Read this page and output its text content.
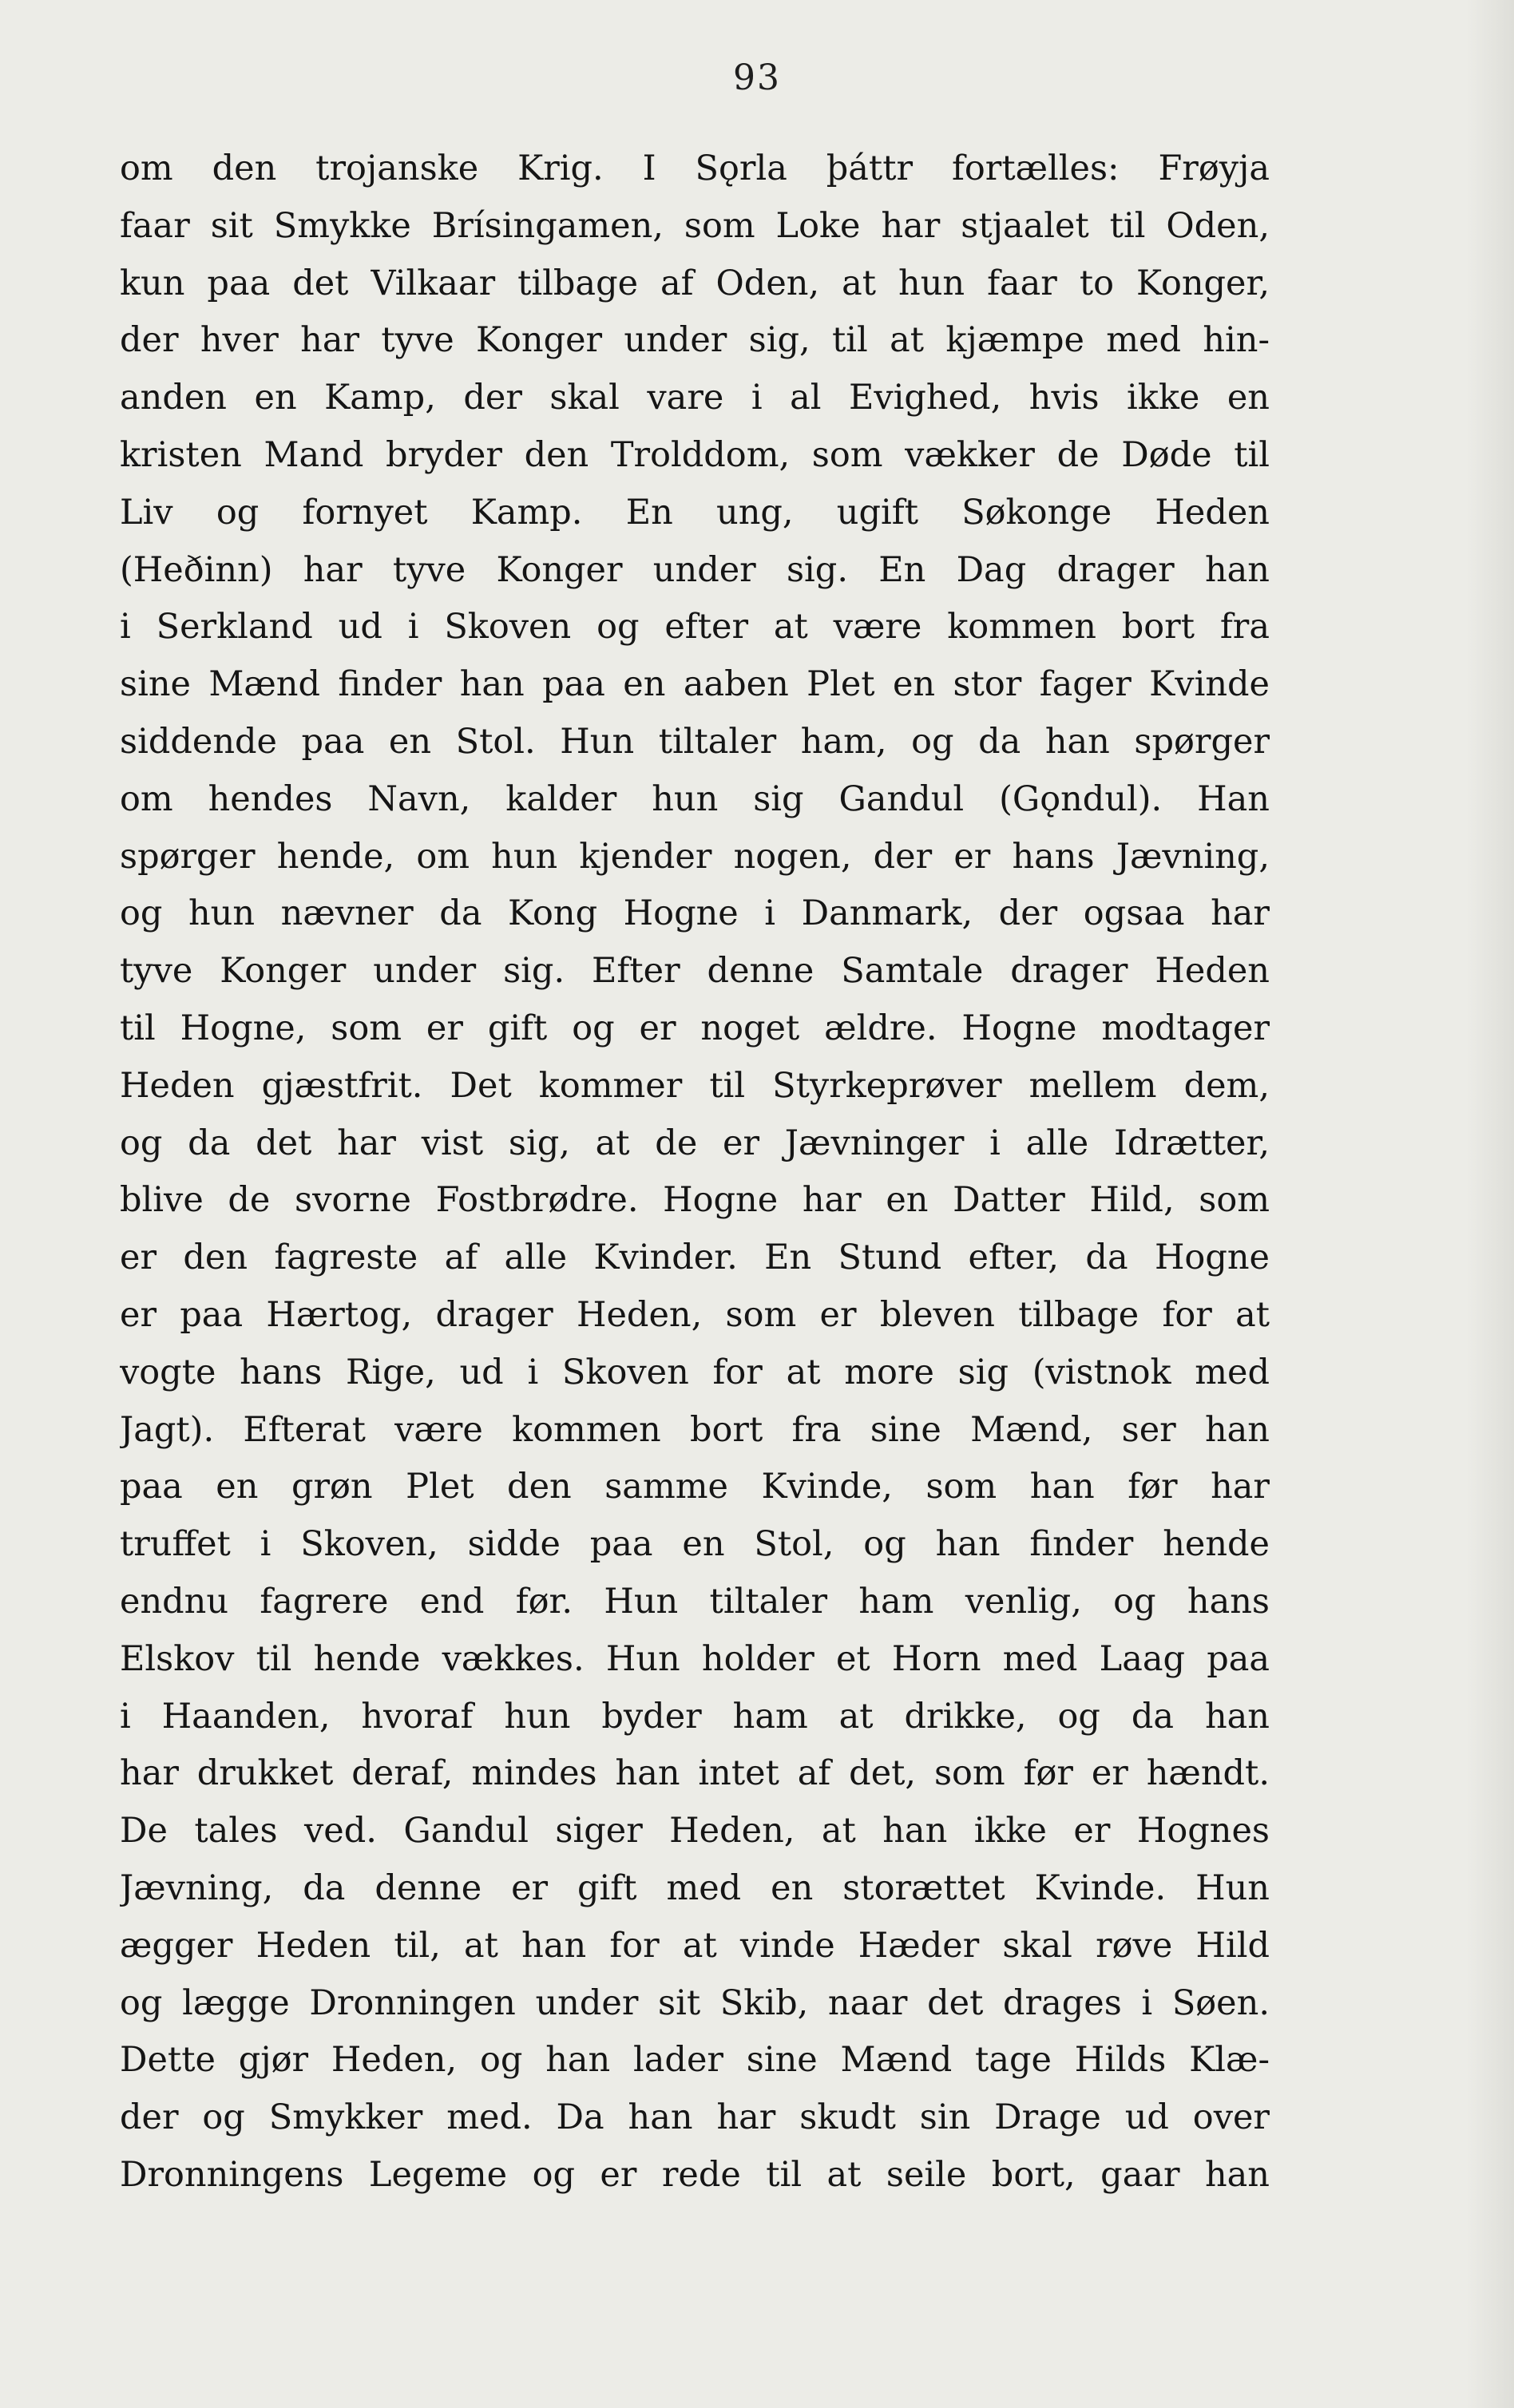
93
om den trojanske Krig. I Sǫrla þáttr fortælles: Frøyja
faar sit Smykke Brísingamen, som Loke har stjaalet til Oden,
kun paa det Vilkaar tilbage af Oden, at hun faar to Konger,
der hver har tyve Konger under sig, til at kjæmpe med hin-
anden en Kamp, der skal vare i al Evighed, hvis ikke en
kristen Mand bryder den Trolddom, som vækker de Døde til
Liv og fornyet Kamp. En ung, ugift Søkonge Heden
(Heðinn) har tyve Konger under sig. En Dag drager han
i Serkland ud i Skoven og efter at være kommen bort fra
sine Mænd finder han paa en aaben Plet en stor fager Kvinde
siddende paa en Stol. Hun tiltaler ham, og da han spørger
om hendes Navn, kalder hun sig Gandul (Gǫndul). Han
spørger hende, om hun kjender nogen, der er hans Jævning,
og hun nævner da Kong Hogne i Danmark, der ogsaa har
tyve Konger under sig. Efter denne Samtale drager Heden
til Hogne, som er gift og er noget ældre. Hogne modtager
Heden gjæstfrit. Det kommer til Styrkeprøver mellem dem,
og da det har vist sig, at de er Jævninger i alle Idrætter,
blive de svorne Fostbrødre. Hogne har en Datter Hild, som
er den fagreste af alle Kvinder. En Stund efter, da Hogne
er paa Hærtog, drager Heden, som er bleven tilbage for at
vogte hans Rige, ud i Skoven for at more sig (vistnok med
Jagt). Efterat være kommen bort fra sine Mænd, ser han
paa en grøn Plet den samme Kvinde, som han før har
truffet i Skoven, sidde paa en Stol, og han finder hende
endnu fagrere end før. Hun tiltaler ham venlig, og hans
Elskov til hende vækkes. Hun holder et Horn med Laag paa
i Haanden, hvoraf hun byder ham at drikke, og da han
har drukket deraf, mindes han intet af det, som før er hændt.
De tales ved. Gandul siger Heden, at han ikke er Hognes
Jævning, da denne er gift med en storættet Kvinde. Hun
ægger Heden til, at han for at vinde Hæder skal røve Hild
og lægge Dronningen under sit Skib, naar det drages i Søen.
Dette gjør Heden, og han lader sine Mænd tage Hilds Klæ-
der og Smykker med. Da han har skudt sin Drage ud over
Dronningens Legeme og er rede til at seile bort, gaar han
